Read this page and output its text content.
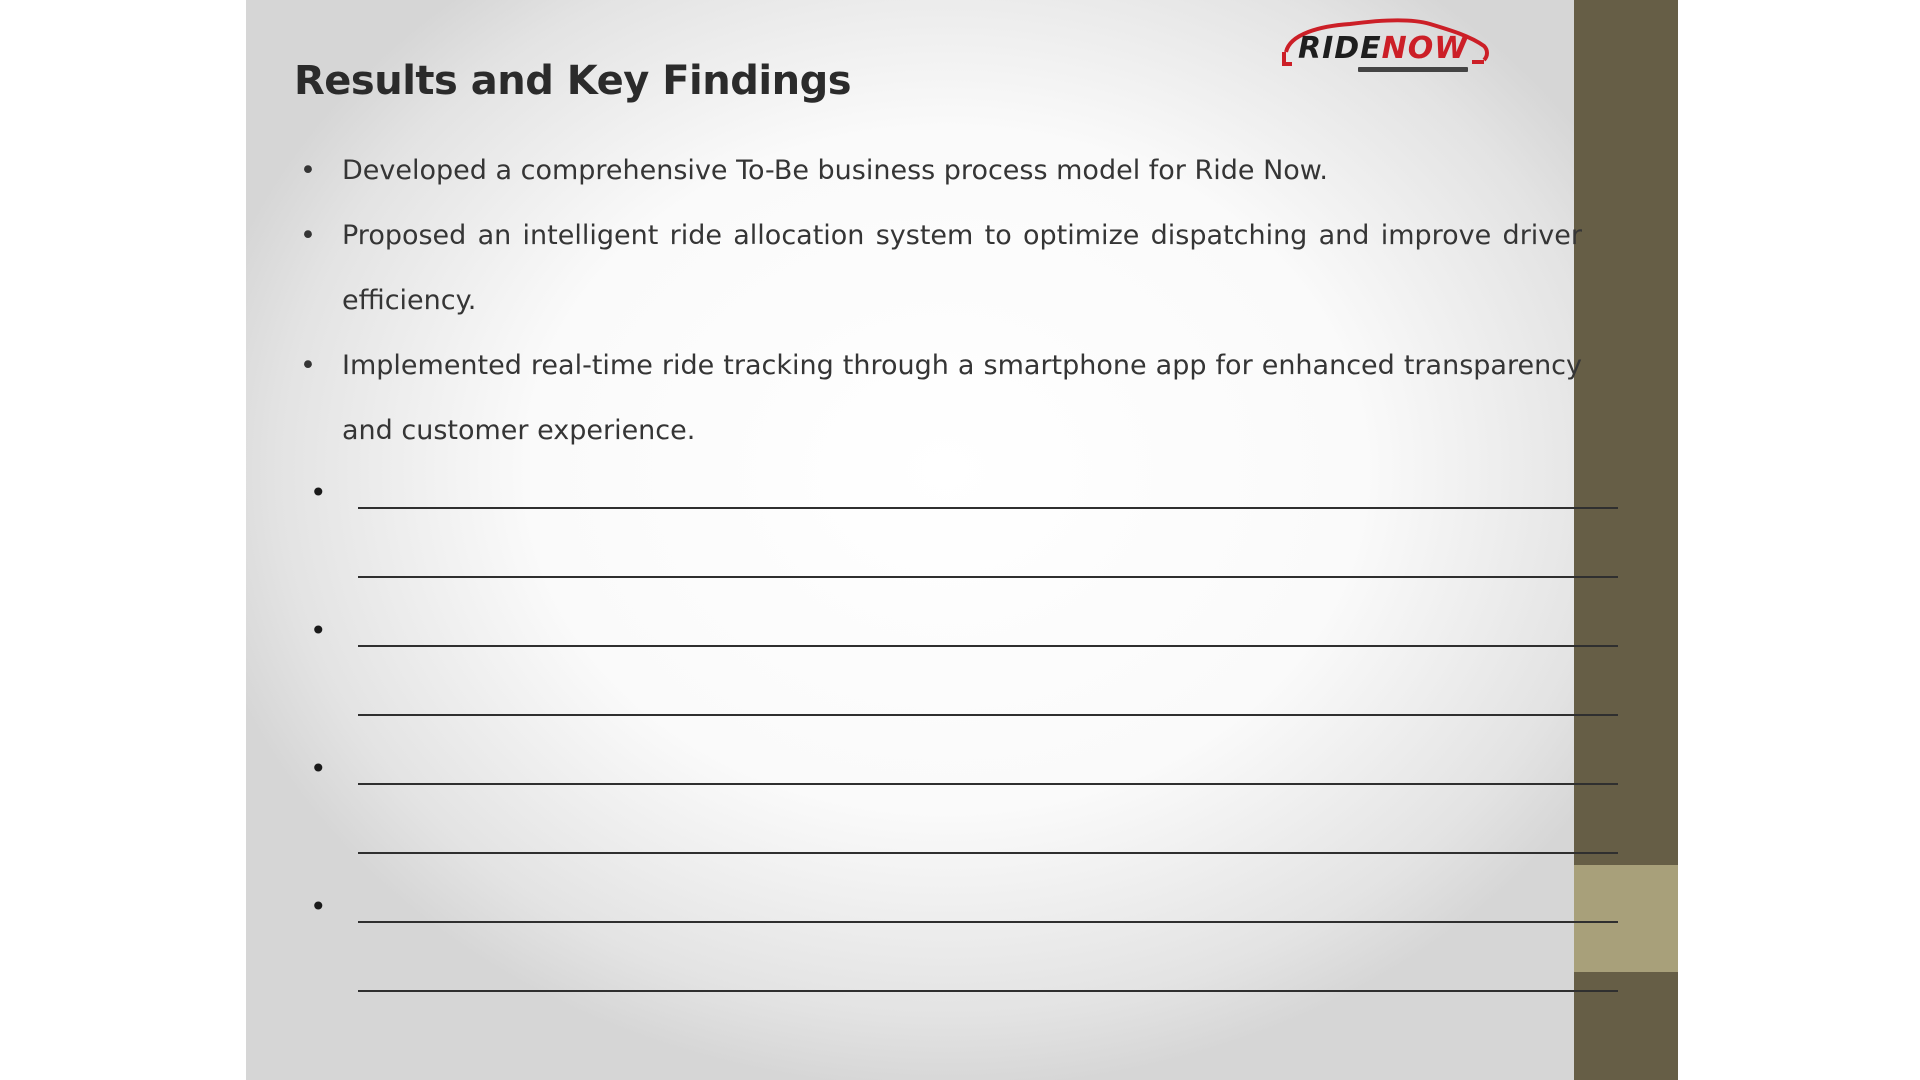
RIDENOW
Results and Key Findings
• Developed a comprehensive To-Be business process model for Ride Now.
• Proposed an intelligent ride allocation system to optimize dispatching and improve driver efficiency.
• Implemented real-time ride tracking through a smartphone app for enhanced transparency and customer experience.
•
•
•
•
